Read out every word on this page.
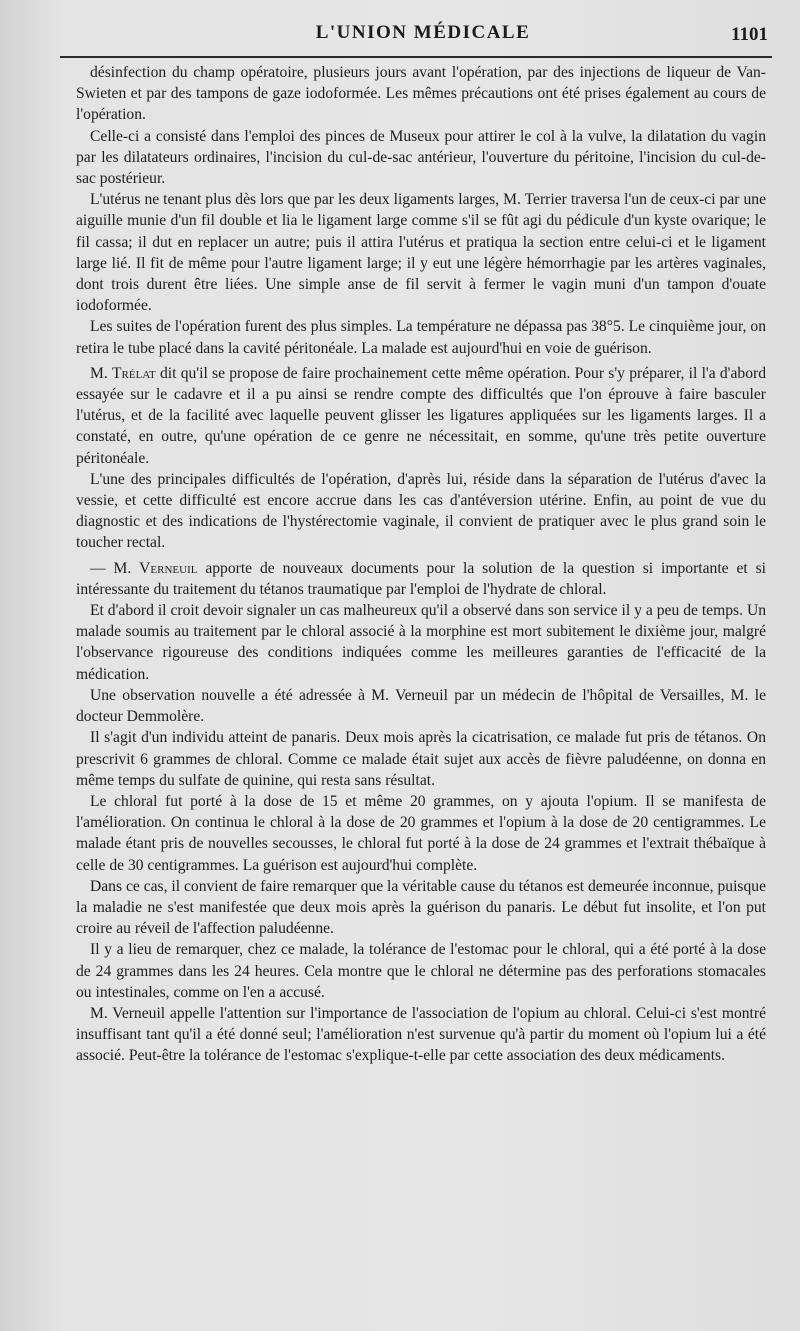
L'UNION MÉDICALE	1101

désinfection du champ opératoire, plusieurs jours avant l'opération, par des injections de liqueur de Van-Swieten et par des tampons de gaze iodoformée. Les mêmes précautions ont été prises également au cours de l'opération.

Celle-ci a consisté dans l'emploi des pinces de Museux pour attirer le col à la vulve, la dilatation du vagin par les dilatateurs ordinaires, l'incision du cul-de-sac antérieur, l'ouverture du péritoine, l'incision du cul-de-sac postérieur.

L'utérus ne tenant plus dès lors que par les deux ligaments larges, M. Terrier traversa l'un de ceux-ci par une aiguille munie d'un fil double et lia le ligament large comme s'il se fût agi du pédicule d'un kyste ovarique; le fil cassa; il dut en replacer un autre; puis il attira l'utérus et pratiqua la section entre celui-ci et le ligament large lié. Il fit de même pour l'autre ligament large; il y eut une légère hémorrhagie par les artères vaginales, dont trois durent être liées. Une simple anse de fil servit à fermer le vagin muni d'un tampon d'ouate iodoformée.

Les suites de l'opération furent des plus simples. La température ne dépassa pas 38°5. Le cinquième jour, on retira le tube placé dans la cavité péritonéale. La malade est aujourd'hui en voie de guérison.

M. Trélat dit qu'il se propose de faire prochainement cette même opération. Pour s'y préparer, il l'a d'abord essayée sur le cadavre et il a pu ainsi se rendre compte des difficultés que l'on éprouve à faire basculer l'utérus, et de la facilité avec laquelle peuvent glisser les ligatures appliquées sur les ligaments larges. Il a constaté, en outre, qu'une opération de ce genre ne nécessitait, en somme, qu'une très petite ouverture péritonéale.

L'une des principales difficultés de l'opération, d'après lui, réside dans la séparation de l'utérus d'avec la vessie, et cette difficulté est encore accrue dans les cas d'antéversion utérine. Enfin, au point de vue du diagnostic et des indications de l'hystérectomie vaginale, il convient de pratiquer avec le plus grand soin le toucher rectal.

— M. Verneuil apporte de nouveaux documents pour la solution de la question si importante et si intéressante du traitement du tétanos traumatique par l'emploi de l'hydrate de chloral.

Et d'abord il croit devoir signaler un cas malheureux qu'il a observé dans son service il y a peu de temps. Un malade soumis au traitement par le chloral associé à la morphine est mort subitement le dixième jour, malgré l'observance rigoureuse des conditions indiquées comme les meilleures garanties de l'efficacité de la médication.

Une observation nouvelle a été adressée à M. Verneuil par un médecin de l'hôpital de Versailles, M. le docteur Demmolère.

Il s'agit d'un individu atteint de panaris. Deux mois après la cicatrisation, ce malade fut pris de tétanos. On prescrivit 6 grammes de chloral. Comme ce malade était sujet aux accès de fièvre paludéenne, on donna en même temps du sulfate de quinine, qui resta sans résultat.

Le chloral fut porté à la dose de 15 et même 20 grammes, on y ajouta l'opium. Il se manifesta de l'amélioration. On continua le chloral à la dose de 20 grammes et l'opium à la dose de 20 centigrammes. Le malade étant pris de nouvelles secousses, le chloral fut porté à la dose de 24 grammes et l'extrait thébaïque à celle de 30 centigrammes. La guérison est aujourd'hui complète.

Dans ce cas, il convient de faire remarquer que la véritable cause du tétanos est demeurée inconnue, puisque la maladie ne s'est manifestée que deux mois après la guérison du panaris. Le début fut insolite, et l'on put croire au réveil de l'affection paludéenne.

Il y a lieu de remarquer, chez ce malade, la tolérance de l'estomac pour le chloral, qui a été porté à la dose de 24 grammes dans les 24 heures. Cela montre que le chloral ne détermine pas des perforations stomacales ou intestinales, comme on l'en a accusé.

M. Verneuil appelle l'attention sur l'importance de l'association de l'opium au chloral. Celui-ci s'est montré insuffisant tant qu'il a été donné seul; l'amélioration n'est survenue qu'à partir du moment où l'opium lui a été associé. Peut-être la tolérance de l'estomac s'explique-t-elle par cette association des deux médicaments.
